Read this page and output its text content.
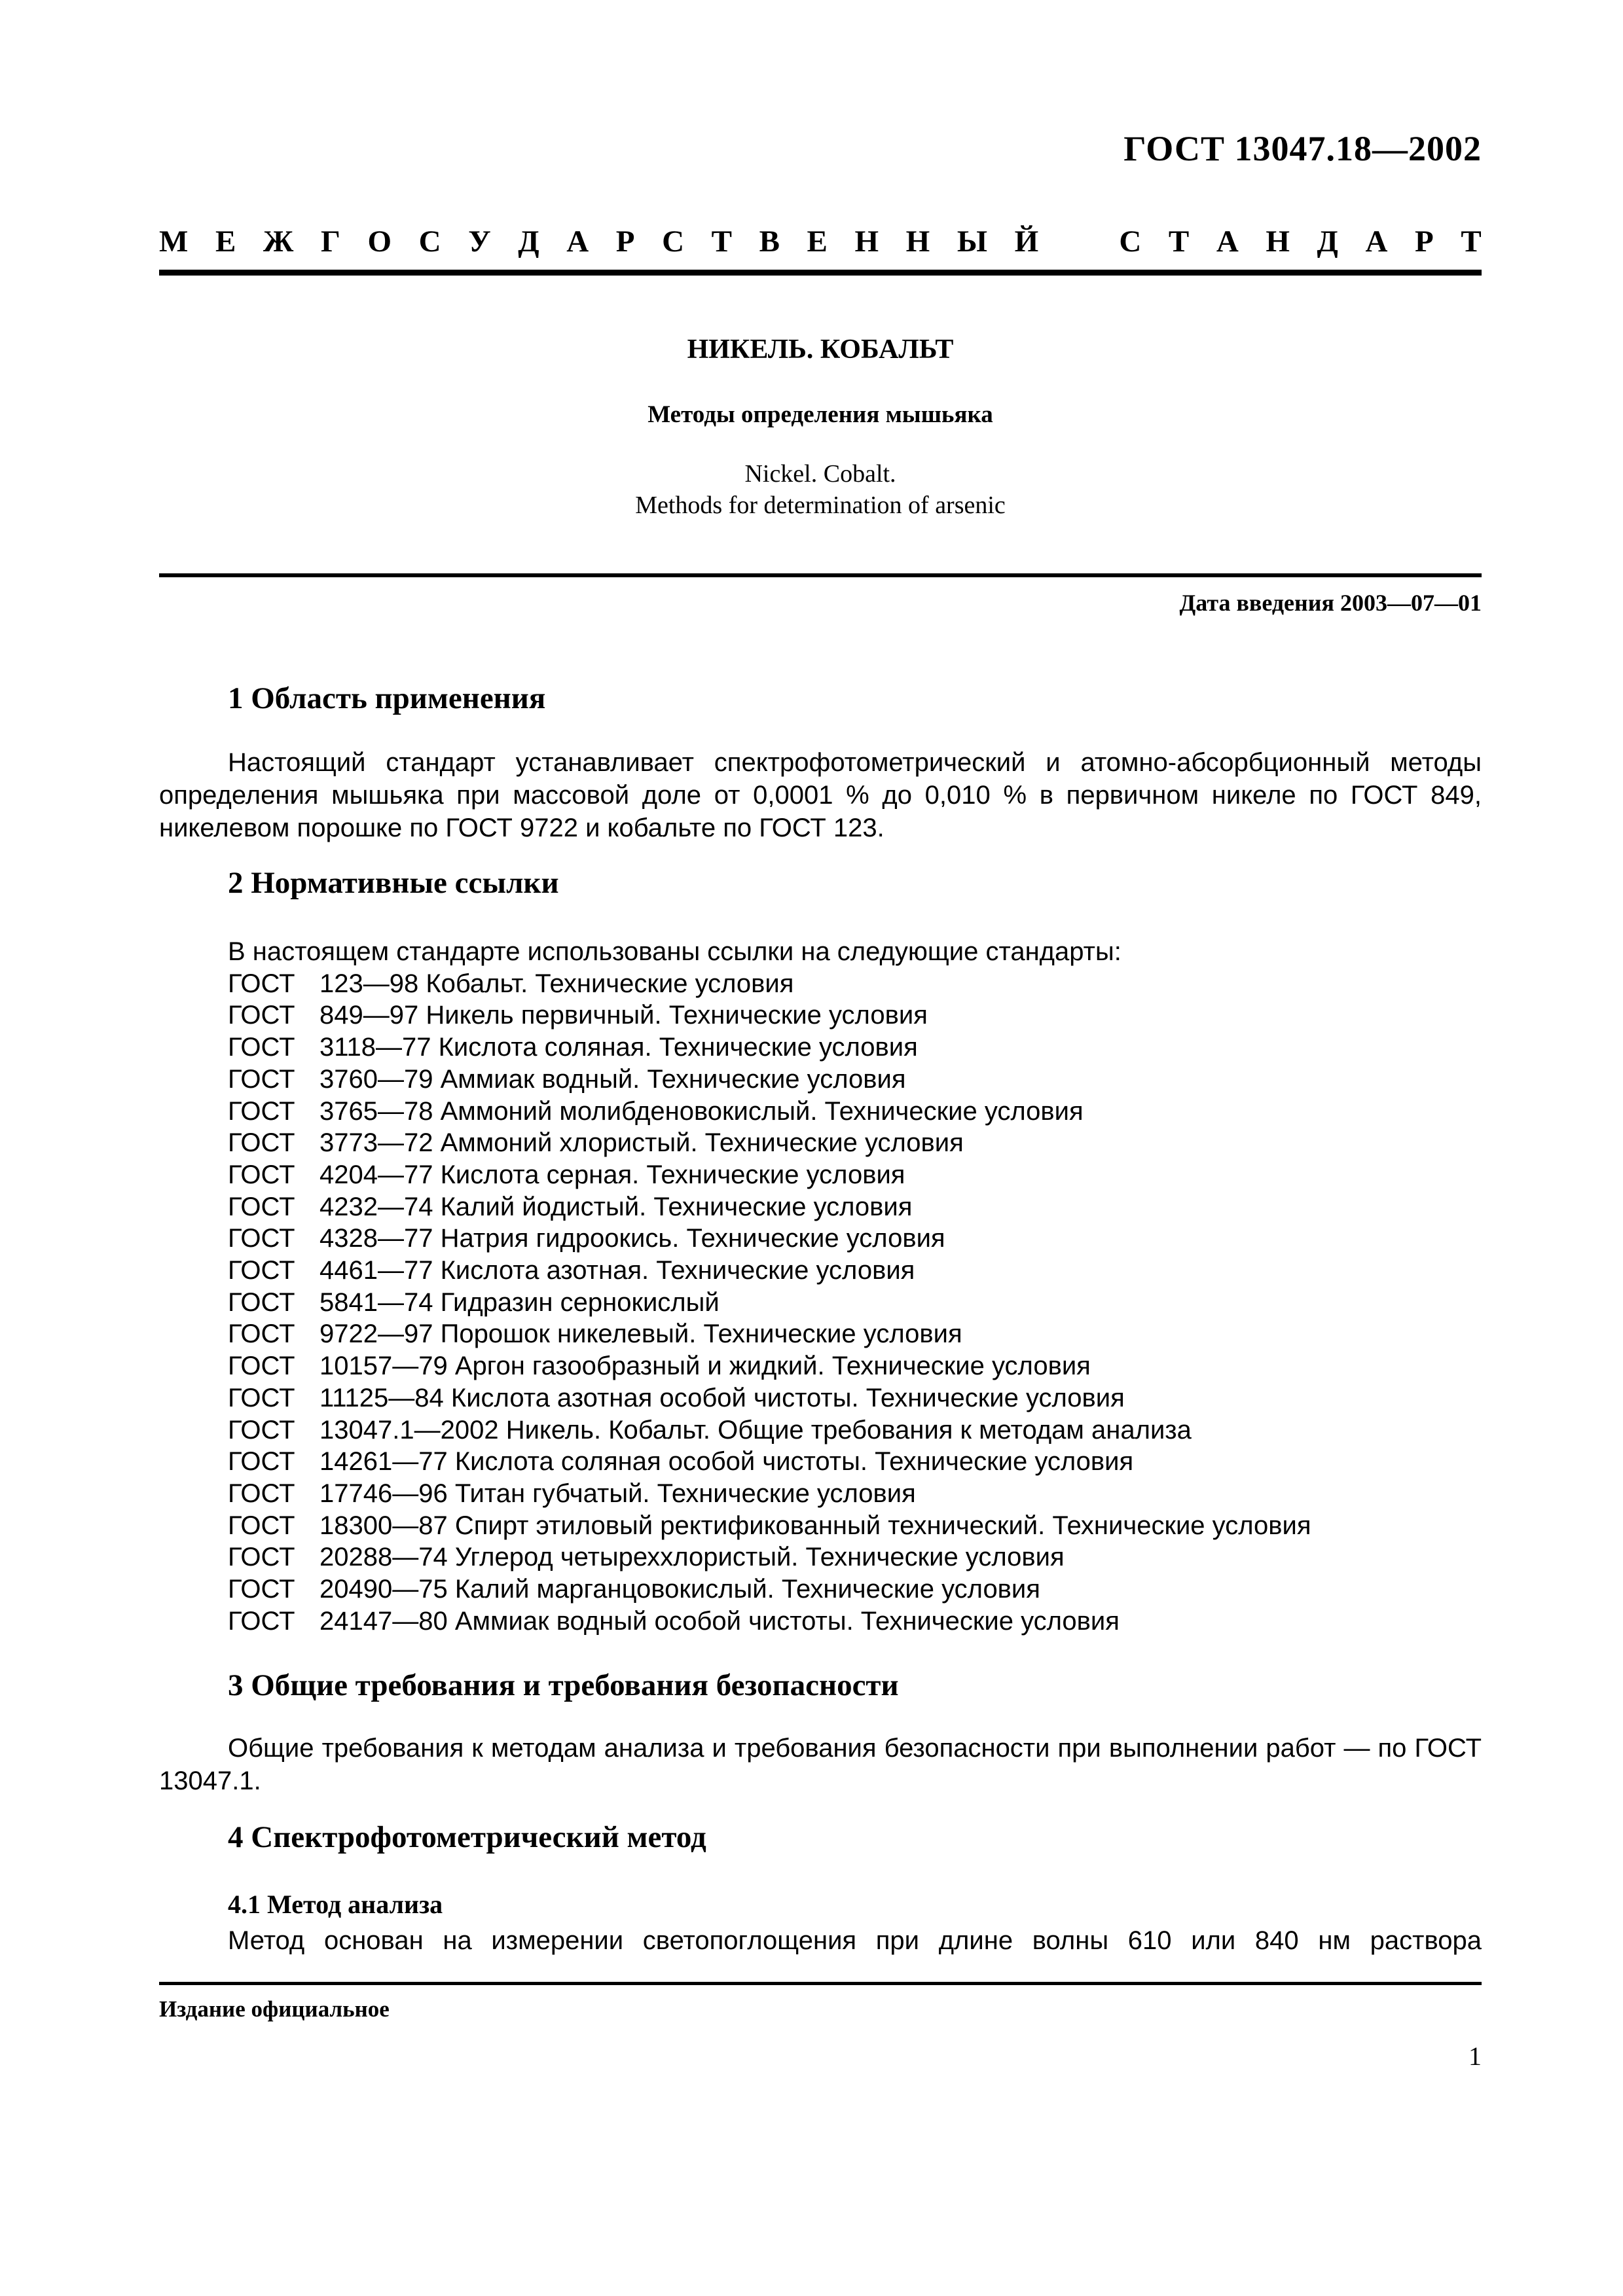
ГОСТ 13047.18—2002
М Е Ж Г О С У Д А Р С Т В Е Н Н Ы Й	С Т А Н Д А Р Т
НИКЕЛЬ. КОБАЛЬТ
Методы определения мышьяка
Nickel. Cobalt.
Methods for determination of arsenic
Дата введения 2003—07—01
1 Область применения
Настоящий стандарт устанавливает спектрофотометрический и атомно-абсорбционный методы определения мышьяка при массовой доле от 0,0001 % до 0,010 % в первичном никеле по ГОСТ 849, никелевом порошке по ГОСТ 9722 и кобальте по ГОСТ 123.
2 Нормативные ссылки
В настоящем стандарте использованы ссылки на следующие стандарты:
ГОСТ 123—98 Кобальт. Технические условия
ГОСТ 849—97 Никель первичный. Технические условия
ГОСТ 3118—77 Кислота соляная. Технические условия
ГОСТ 3760—79 Аммиак водный. Технические условия
ГОСТ 3765—78 Аммоний молибденовокислый. Технические условия
ГОСТ 3773—72 Аммоний хлористый. Технические условия
ГОСТ 4204—77 Кислота серная. Технические условия
ГОСТ 4232—74 Калий йодистый. Технические условия
ГОСТ 4328—77 Натрия гидроокись. Технические условия
ГОСТ 4461—77 Кислота азотная. Технические условия
ГОСТ 5841—74 Гидразин сернокислый
ГОСТ 9722—97 Порошок никелевый. Технические условия
ГОСТ 10157—79 Аргон газообразный и жидкий. Технические условия
ГОСТ 11125—84 Кислота азотная особой чистоты. Технические условия
ГОСТ 13047.1—2002 Никель. Кобальт. Общие требования к методам анализа
ГОСТ 14261—77 Кислота соляная особой чистоты. Технические условия
ГОСТ 17746—96 Титан губчатый. Технические условия
ГОСТ 18300—87 Спирт этиловый ректификованный технический. Технические условия
ГОСТ 20288—74 Углерод четыреххлористый. Технические условия
ГОСТ 20490—75 Калий марганцовокислый. Технические условия
ГОСТ 24147—80 Аммиак водный особой чистоты. Технические условия
3 Общие требования и требования безопасности
Общие требования к методам анализа и требования безопасности при выполнении работ — по ГОСТ 13047.1.
4 Спектрофотометрический метод
4.1 Метод анализа
Метод основан на измерении светопоглощения при длине волны 610 или 840 нм раствора
Издание официальное
1
